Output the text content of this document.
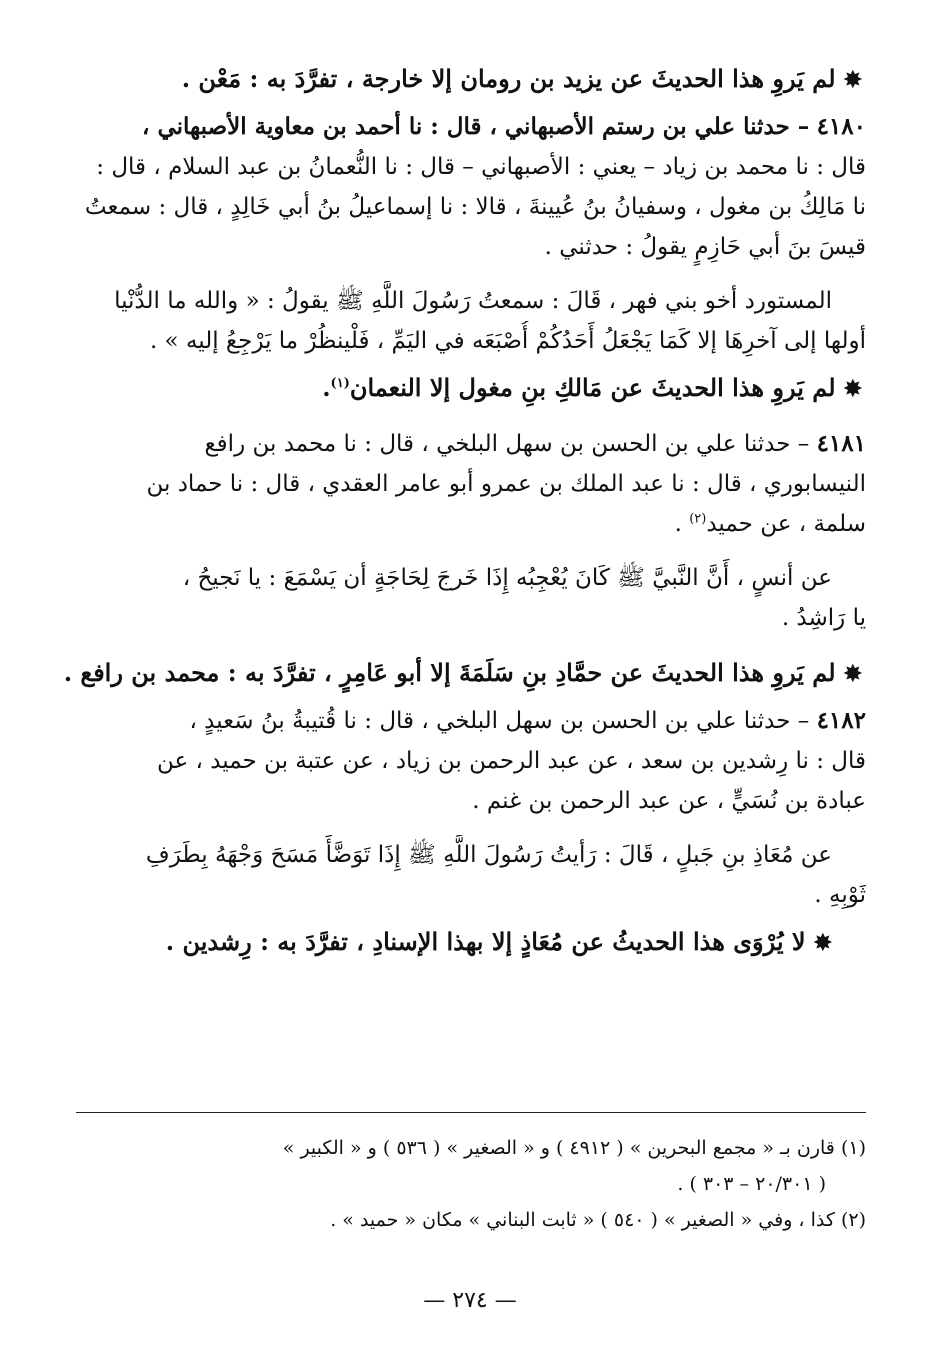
✸لم يَروِ هذا الحديثَ عن يزيد بن رومان إلا خارجة ، تفرَّدَ به : مَعْن .
٤١٨٠ – حدثنا علي بن رستم الأصبهاني ، قال : نا أحمد بن معاوية الأصبهاني ،
قال : نا محمد بن زياد – يعني : الأصبهاني – قال : نا النُّعمانُ بن عبد السلام ، قال :
نا مَالِكُ بن مغول ، وسفيانُ بنُ عُيينةَ ، قالا : نا إسماعيلُ بنُ أبي خَالِدٍ ، قال : سمعتُ
قيسَ بنَ أبي حَازِمٍ يقولُ : حدثني .
المستورد أخو بني فهر ، قَالَ : سمعتُ رَسُولَ اللَّهِ ﷺ يقولُ : « والله ما الدُّنْيا
أولها إلى آخرِهَا إلا كَمَا يَجْعَلُ أَحَدُكُمْ أُصْبَعَه في اليَمِّ ، فَلْينظُرْ ما يَرْجِعُ إليه » .
✸لم يَروِ هذا الحديثَ عن مَالكِ بنِ مغول إلا النعمان$^{(١)}$.
٤١٨١ – حدثنا علي بن الحسن بن سهل البلخي ، قال : نا محمد بن رافع
النيسابوري ، قال : نا عبد الملك بن عمرو أبو عامر العقدي ، قال : نا حماد بن
سلمة ، عن حميد$^{(٢)}$ .
عن أنسٍ ، أَنَّ النَّبيَّ ﷺ كَانَ يُعْجِبُه إِذَا خَرجَ لِحَاجَةٍ أن يَسْمَعَ : يا نَجيحُ ،
يا رَاشِدُ .
✸لم يَروِ هذا الحديثَ عن حمَّادِ بنِ سَلَمَةَ إلا أبو عَامِرٍ ، تفرَّدَ به : محمد بن رافع .
٤١٨٢ – حدثنا علي بن الحسن بن سهل البلخي ، قال : نا قُتيبةُ بنُ سَعيدٍ ،
قال : نا رِشدين بن سعد ، عن عبد الرحمن بن زياد ، عن عتبة بن حميد ، عن
عبادة بن نُسَيٍّ ، عن عبد الرحمن بن غنم .
عن مُعَاذِ بنِ جَبلٍ ، قَالَ : رَأيتُ رَسُولَ اللَّهِ ﷺ إِذَا تَوَضَّأَ مَسَحَ وَجْهَهُ بِطَرَفِ
ثَوْبِهِ .
✸لا يُرْوَى هذا الحديثُ عن مُعَاذٍ إلا بهذا الإسنادِ ، تفرَّدَ به : رِشدين .
(١) قارن بـ « مجمع البحرين » ( ٤٩١٢ ) و « الصغير » ( ٥٣٦ ) و « الكبير »
( ٢٠/٣٠١ – ٣٠٣ ) .
(٢) كذا ، وفي « الصغير » ( ٥٤٠ ) « ثابت البناني » مكان « حميد » .
— ٢٧٤ —
